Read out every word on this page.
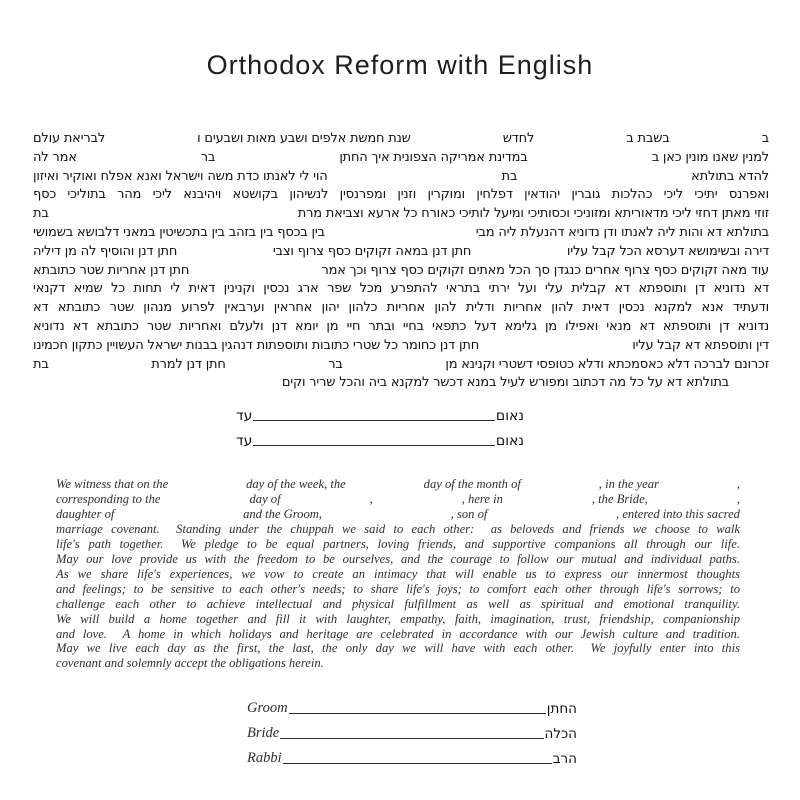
Orthodox Reform with English
ב
בשבת ב
לחדש
שנת חמשת אלפים ושבע מאות ושבעים ו
לבריאת עולם
למנין שאנו מונין כאן ב
במדינת אמריקה הצפונית איך החתן
בר
אמר לה
להדא בתולתא
בת
הוי לי לאנתו כדת משה וישראל ואנא אפלח ואוקיר ואיזון
ואפרנס יתיכי ליכי כהלכות גוברין יהודאין דפלחין ומוקרין וזנין ומפרנסין לנשיהון בקושטא ויהיבנא ליכי מהר בתוליכי כסף
זוזי מאתן דחזי ליכי מדאוריתא ומזוניכי וכסותיכי ומיעל לותיכי כאורח כל ארעא וצביאת מרת
בת
בתולתא דא והות ליה לאנתו ודן נדוניא דהנעלת ליה מבי
בין בכסף בין בזהב בין בתכשיטין במאני דלבושא בשמושי
דירה ובשימושא דערסא הכל קבל עליו
חתן דנן במאה זקוקים כסף צרוף וצבי
חתן דנן והוסיף לה מן דיליה
עוד מאה זקוקים כסף צרוף אחרים כנגדן סך הכל מאתים זקוקים כסף צרוף וכך אמר
חתן דנן אחריות שטר כתובתא
דא נדוניא דן ותוספתא דא קבלית עלי ועל ירתי בתראי להתפרע מכל שפר ארג נכסין וקנינין דאית לי תחות כל שמיא דקנאי
ודעתיד אנא למקנא נכסין דאית להון אחריות ודלית להון אחריות כלהון יהון אחראין וערבאין לפרוע מנהון שטר כתובתא דא
נדוניא דן ותוספתא דא מנאי ואפילו מן גלימא דעל כתפאי בחיי ובתר חיי מן יומא דנן ולעלם ואחריות שטר כתובתא דא נדוניא
דין ותוספתא דא קבל עליו
חתן דנן כחומר כל שטרי כתובות ותוספתות דנהגין בבנות ישראל העשויין כתקון חכמינו
זכרונם לברכה דלא כאסמכתא ודלא כטופסי דשטרי וקנינא מן
בר
חתן דנן למרת
בת
בתולתא דא על כל מה דכתוב ומפורש לעיל במנא דכשר למקנא ביה והכל שריר וקים
נאום
עד
נאום
עד
We witness that on the	day of the week, the	day of the month of	, in the year	,
corresponding to the	day of	,	, here in	, the Bride,	,
daughter of	and the Groom,	, son of	, entered into this sacred
marriage covenant.  Standing under the chuppah we said to each other:  as beloveds and friends we choose to walk
life's path together.  We pledge to be equal partners, loving friends, and supportive companions all through our life.
May our love provide us with the freedom to be ourselves, and the courage to follow our mutual and individual paths.
As we share life's experiences, we vow to create an intimacy that will enable us to express our innermost thoughts
and feelings; to be sensitive to each other's needs; to share life's joys; to comfort each other through life's sorrows; to
challenge each other to achieve intellectual and physical fulfillment as well as spiritual and emotional tranquility.
We will build a home together and fill it with laughter, empathy, faith, imagination, trust, friendship, companionship
and love.  A home in which holidays and heritage are celebrated in accordance with our Jewish culture and tradition.
May we live each day as the first, the last, the only day we will have with each other.  We joyfully enter into this
covenant and solemnly accept the obligations herein.
Groom	החתן
Bride	הכלה
Rabbi	הרב
